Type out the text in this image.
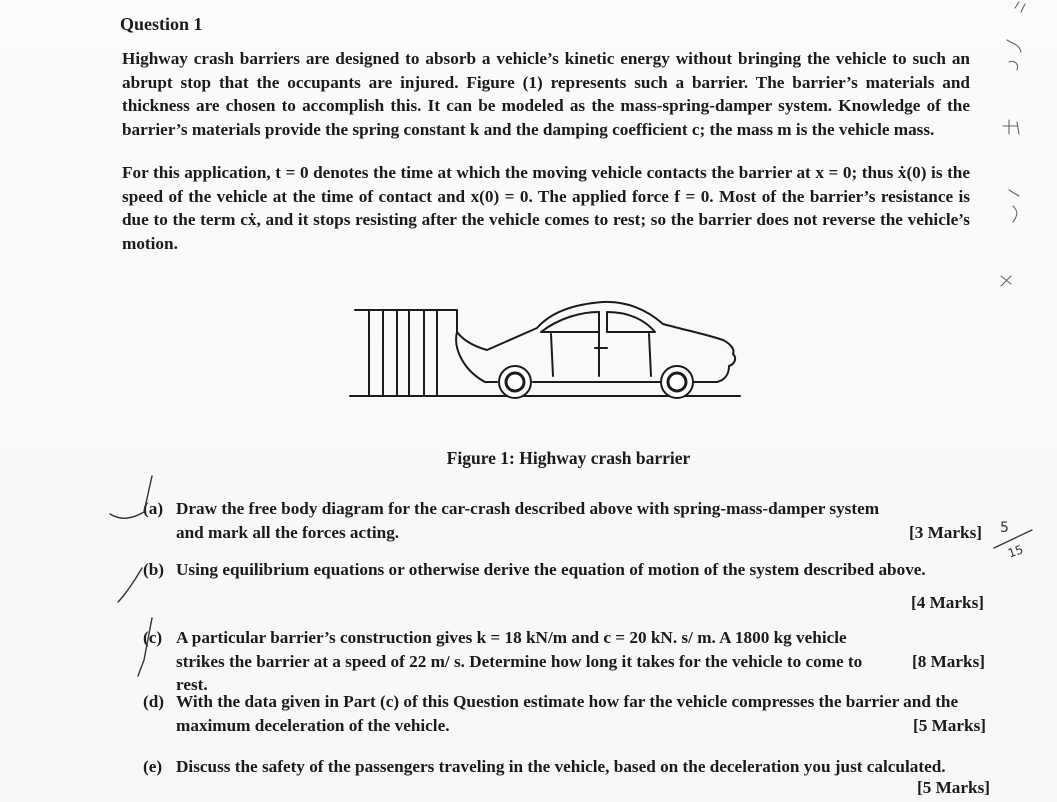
Question 1
Highway crash barriers are designed to absorb a vehicle’s kinetic energy without bringing the vehicle to such an abrupt stop that the occupants are injured. Figure (1) represents such a barrier. The barrier’s materials and thickness are chosen to accomplish this. It can be modeled as the mass-spring-damper system. Knowledge of the barrier’s materials provide the spring constant k and the damping coefficient c; the mass m is the vehicle mass.
For this application, t = 0 denotes the time at which the moving vehicle contacts the barrier at x = 0; thus ẋ(0) is the speed of the vehicle at the time of contact and x(0) = 0. The applied force f = 0. Most of the barrier’s resistance is due to the term cẋ, and it stops resisting after the vehicle comes to rest; so the barrier does not reverse the vehicle’s motion.
Figure 1: Highway crash barrier
(a) Draw the free body diagram for the car-crash described above with spring-mass-damper system and mark all the forces acting.	[3 Marks]
(b) Using equilibrium equations or otherwise derive the equation of motion of the system described above.
[4 Marks]
(c) A particular barrier’s construction gives k = 18 kN/m and c = 20 kN. s/ m. A 1800 kg vehicle strikes the barrier at a speed of 22 m/ s. Determine how long it takes for the vehicle to come to rest.
[8 Marks]
(d) With the data given in Part (c) of this Question estimate how far the vehicle compresses the barrier and the maximum deceleration of the vehicle.	[5 Marks]
(e) Discuss the safety of the passengers traveling in the vehicle, based on the deceleration you just calculated.
[5 Marks]
5
15
